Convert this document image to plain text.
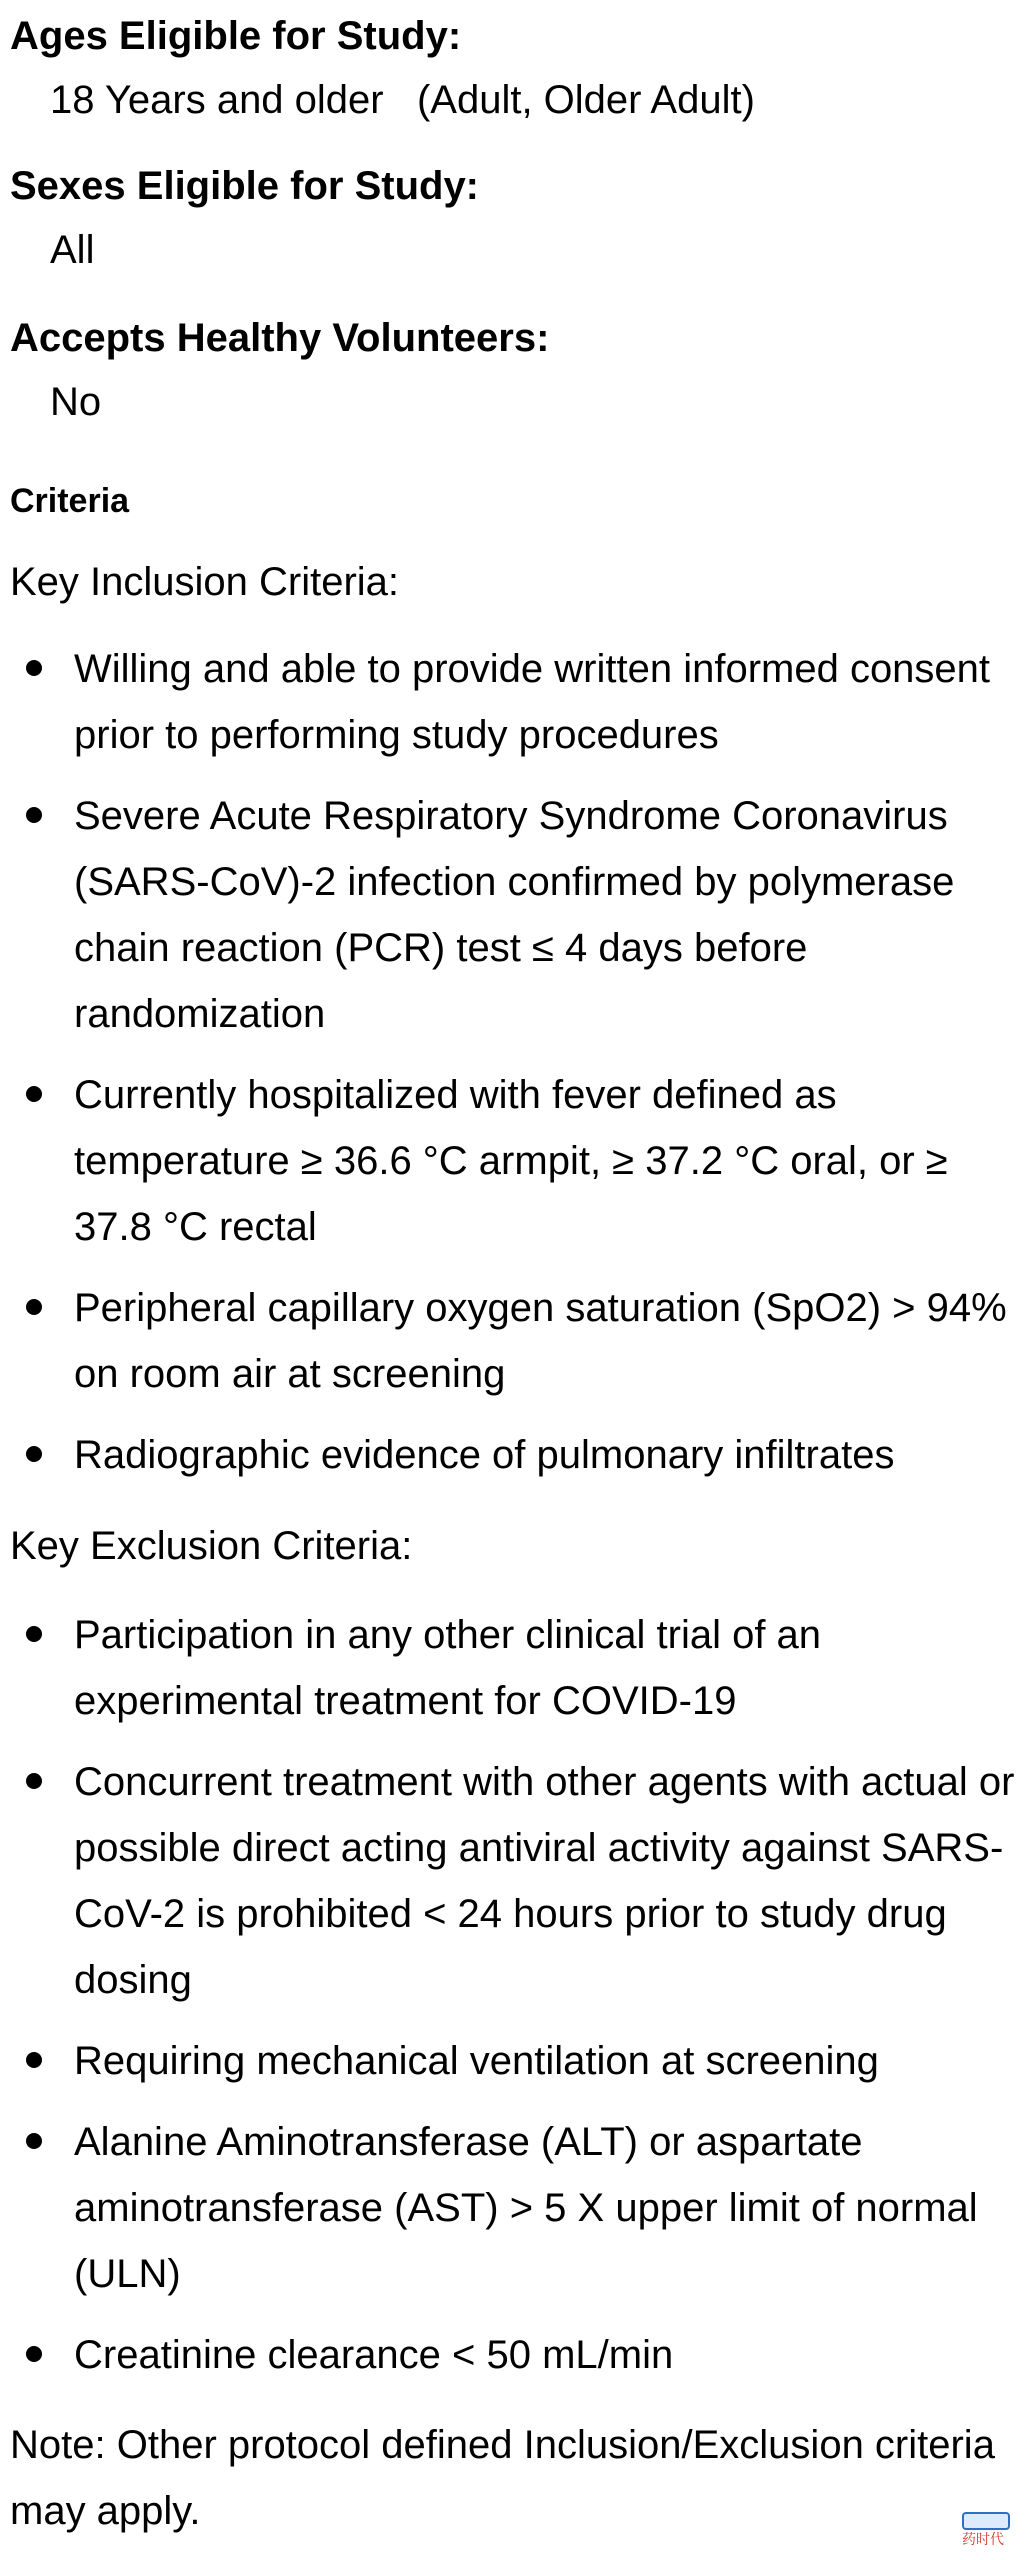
Ages Eligible for Study:
18 Years and older   (Adult, Older Adult)
Sexes Eligible for Study:
All
Accepts Healthy Volunteers:
No
Criteria
Key Inclusion Criteria:
Willing and able to provide written informed consent prior to performing study procedures
Severe Acute Respiratory Syndrome Coronavirus (SARS-CoV)-2 infection confirmed by polymerase chain reaction (PCR) test ≤ 4 days before randomization
Currently hospitalized with fever defined as temperature ≥ 36.6 °C armpit, ≥ 37.2 °C oral, or ≥ 37.8 °C rectal
Peripheral capillary oxygen saturation (SpO2) > 94% on room air at screening
Radiographic evidence of pulmonary infiltrates
Key Exclusion Criteria:
Participation in any other clinical trial of an experimental treatment for COVID-19
Concurrent treatment with other agents with actual or possible direct acting antiviral activity against SARS-CoV-2 is prohibited < 24 hours prior to study drug dosing
Requiring mechanical ventilation at screening
Alanine Aminotransferase (ALT) or aspartate aminotransferase (AST) > 5 X upper limit of normal (ULN)
Creatinine clearance < 50 mL/min
Note: Other protocol defined Inclusion/Exclusion criteria may apply.
药时代
